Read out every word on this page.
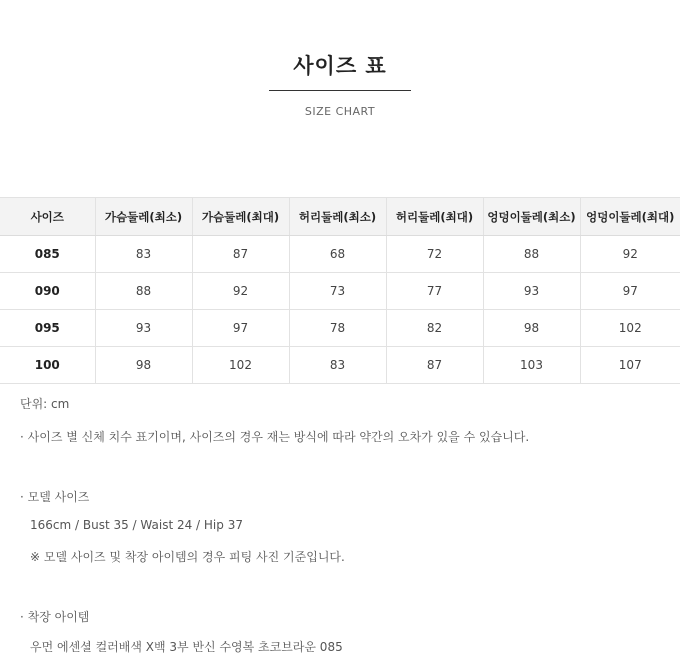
사이즈 표
SIZE CHART
사이즈	가슴둘레(최소)	가슴둘레(최대)	허리둘레(최소)	허리둘레(최대)	엉덩이둘레(최소)	엉덩이둘레(최대)
085	83	87	68	72	88	92
090	88	92	73	77	93	97
095	93	97	78	82	98	102
100	98	102	83	87	103	107
단위: cm
· 사이즈 별 신체 치수 표기이며, 사이즈의 경우 재는 방식에 따라 약간의 오차가 있을 수 있습니다.
· 모델 사이즈
166cm / Bust 35 / Waist 24 / Hip 37
※ 모델 사이즈 및 착장 아이템의 경우 피팅 사진 기준입니다.
· 착장 아이템
우먼 에센셜 컬러배색 X백 3부 반신 수영복 초코브라운 085
